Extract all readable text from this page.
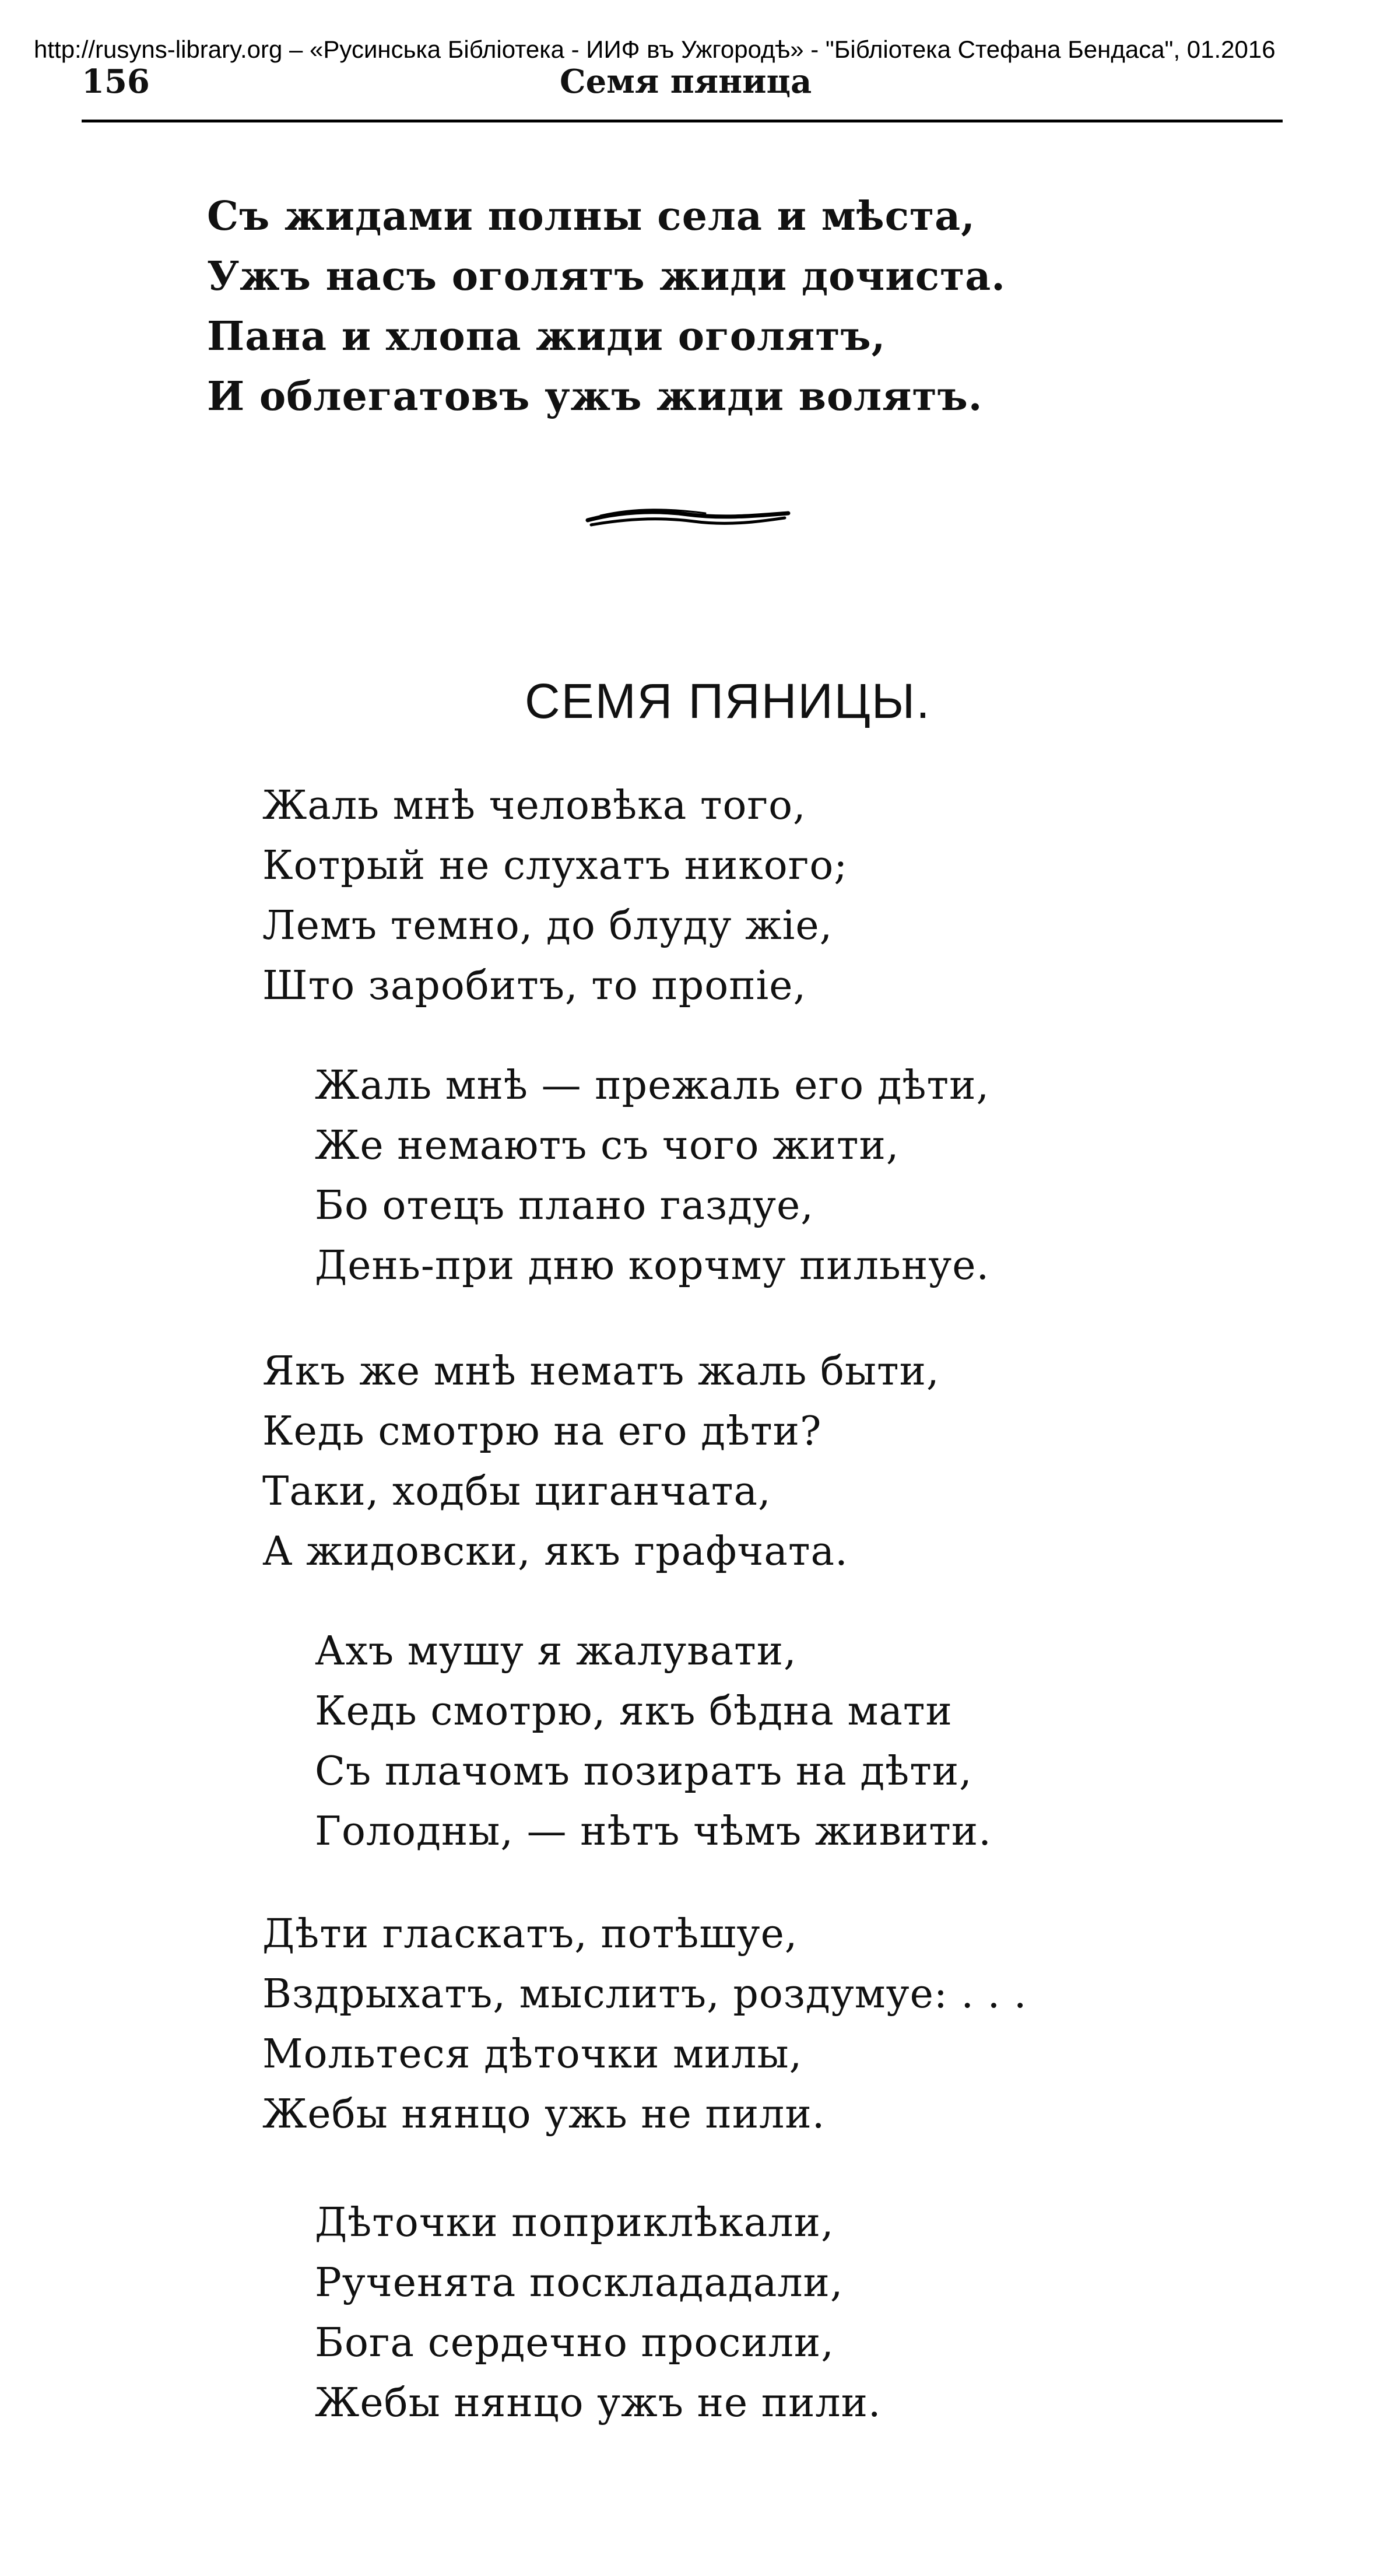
http://rusyns-library.org – «Русинська Бібліотека - ИИФ въ Ужгородѣ» - "Бібліотека Стефана Бендаса", 01.2016
156	Семя пяница
Съ жидами полны села и мѣста,
Ужъ насъ оголятъ жиди дочиста.
Пана и хлопа жиди оголятъ,
И облегатовъ ужъ жиди волятъ.
СЕМЯ ПЯНИЦЫ.
Жаль мнѣ человѣка того,
Котрый не слухатъ никого;
Лемъ темно, до блуду жіе,
Што заробитъ, то пропіе,
Жаль мнѣ — прежаль его дѣти,
Же немаютъ съ чого жити,
Бо отецъ плано газдуе,
День-при дню корчму пильнуе.
Якъ же мнѣ нематъ жаль быти,
Кедь смотрю на его дѣти?
Таки, ходбы циганчата,
А жидовски, якъ графчата.
Ахъ мушу я жалувати,
Кедь смотрю, якъ бѣдна мати
Съ плачомъ позиратъ на дѣти,
Голодны, — нѣтъ чѣмъ живити.
Дѣти гласкатъ, потѣшуе,
Вздрыхатъ, мыслитъ, роздумуе: . . .
Мольтеся дѣточки милы,
Жебы нянцо ужь не пили.
Дѣточки поприклѣкали,
Рученята посклададали,
Бога сердечно просили,
Жебы нянцо ужъ не пили.
